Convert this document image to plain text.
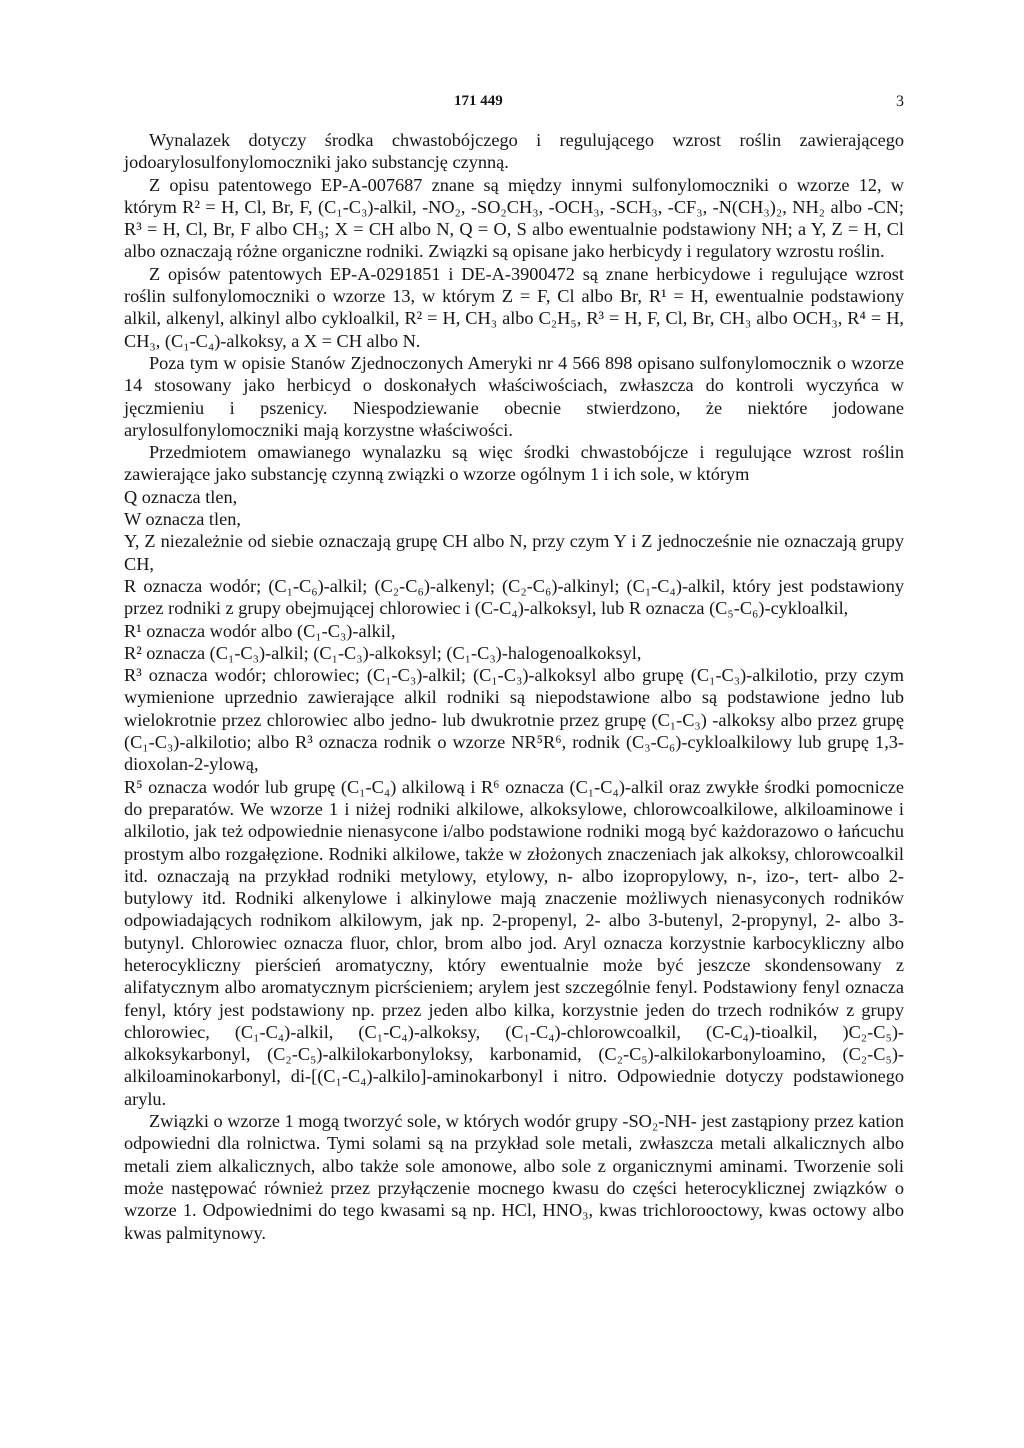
171 449	3

Wynalazek dotyczy środka chwastobójczego i regulującego wzrost roślin zawierającego jodoarylosulfonylomoczniki jako substancję czynną.

Z opisu patentowego EP-A-007687 znane są między innymi sulfonylomoczniki o wzorze 12, w którym R² = H, Cl, Br, F, (C₁-C₃)-alkil, -NO₂, -SO₂CH₃, -OCH₃, -SCH₃, -CF₃, -N(CH₃)₂, NH₂ albo -CN; R³ = H, Cl, Br, F albo CH₃; X = CH albo N, Q = O, S albo ewentualnie podstawiony NH; a Y, Z = H, Cl albo oznaczają różne organiczne rodniki. Związki są opisane jako herbicydy i regulatory wzrostu roślin.

Z opisów patentowych EP-A-0291851 i DE-A-3900472 są znane herbicydowe i regulujące wzrost roślin sulfonylomoczniki o wzorze 13, w którym Z = F, Cl albo Br, R¹ = H, ewentualnie podstawiony alkil, alkenyl, alkinyl albo cykloalkil, R² = H, CH₃ albo C₂H₅, R³ = H, F, Cl, Br, CH₃ albo OCH₃, R⁴ = H, CH₃, (C₁-C₄)-alkoksy, a X = CH albo N.

Poza tym w opisie Stanów Zjednoczonych Ameryki nr 4 566 898 opisano sulfonylomocznik o wzorze 14 stosowany jako herbicyd o doskonałych właściwościach, zwłaszcza do kontroli wyczyńca w jęczmieniu i pszenicy. Niespodziewanie obecnie stwierdzono, że niektóre jodowane arylosulfonylomoczniki mają korzystne właściwości.

Przedmiotem omawianego wynalazku są więc środki chwastobójcze i regulujące wzrost roślin zawierające jako substancję czynną związki o wzorze ogólnym 1 i ich sole, w którym

Q oznacza tlen,

W oznacza tlen,

Y, Z niezależnie od siebie oznaczają grupę CH albo N, przy czym Y i Z jednocześnie nie oznaczają grupy CH,

R oznacza wodór; (C₁-C₆)-alkil; (C₂-C₆)-alkenyl; (C₂-C₆)-alkinyl; (C₁-C₄)-alkil, który jest podstawiony przez rodniki z grupy obejmującej chlorowiec i (C-C₄)-alkoksyl, lub R oznacza (C₅-C₆)-cykloalkil,

R¹ oznacza wodór albo (C₁-C₃)-alkil,

R² oznacza (C₁-C₃)-alkil; (C₁-C₃)-alkoksyl; (C₁-C₃)-halogenoalkoksyl,

R³ oznacza wodór; chlorowiec; (C₁-C₃)-alkil; (C₁-C₃)-alkoksyl albo grupę (C₁-C₃)-alkilotio, przy czym wymienione uprzednio zawierające alkil rodniki są niepodstawione albo są podstawione jedno lub wielokrotnie przez chlorowiec albo jedno- lub dwukrotnie przez grupę (C₁-C₃) -alkoksy albo przez grupę (C₁-C₃)-alkilotio; albo R³ oznacza rodnik o wzorze NR⁵R⁶, rodnik (C₃-C₆)-cykloalkilowy lub grupę 1,3-dioxolan-2-ylową,

R⁵ oznacza wodór lub grupę (C₁-C₄) alkilową i R⁶ oznacza (C₁-C₄)-alkil oraz zwykłe środki pomocnicze do preparatów. We wzorze 1 i niżej rodniki alkilowe, alkoksylowe, chlorowcoalkilowe, alkiloaminowe i alkilotio, jak też odpowiednie nienasycone i/albo podstawione rodniki mogą być każdorazowo o łańcuchu prostym albo rozgałęzione. Rodniki alkilowe, także w złożonych znaczeniach jak alkoksy, chlorowcoalkil itd. oznaczają na przykład rodniki metylowy, etylowy, n- albo izopropylowy, n-, izo-, tert- albo 2-butylowy itd. Rodniki alkenylowe i alkinylowe mają znaczenie możliwych nienasyconych rodników odpowiadających rodnikom alkilowym, jak np. 2-propenyl, 2- albo 3-butenyl, 2-propynyl, 2- albo 3-butynyl. Chlorowiec oznacza fluor, chlor, brom albo jod. Aryl oznacza korzystnie karbocykliczny albo heterocykliczny pierścień aromatyczny, który ewentualnie może być jeszcze skondensowany z alifatycznym albo aromatycznym picrścieniem; arylem jest szczególnie fenyl. Podstawiony fenyl oznacza fenyl, który jest podstawiony np. przez jeden albo kilka, korzystnie jeden do trzech rodników z grupy chlorowiec, (C₁-C₄)-alkil, (C₁-C₄)-alkoksy, (C₁-C₄)-chlorowcoalkil, (C-C₄)-tioalkil, )C₂-C₅)-alkoksykarbonyl, (C₂-C₅)-alkilokarbonyloksy, karbonamid, (C₂-C₅)-alkilokarbonyloamino, (C₂-C₅)-alkiloaminokarbonyl, di-[(C₁-C₄)-alkilo]-aminokarbonyl i nitro. Odpowiednie dotyczy podstawionego arylu.

Związki o wzorze 1 mogą tworzyć sole, w których wodór grupy -SO₂-NH- jest zastąpiony przez kation odpowiedni dla rolnictwa. Tymi solami są na przykład sole metali, zwłaszcza metali alkalicznych albo metali ziem alkalicznych, albo także sole amonowe, albo sole z organicznymi aminami. Tworzenie soli może następować również przez przyłączenie mocnego kwasu do części heterocyklicznej związków o wzorze 1. Odpowiednimi do tego kwasami są np. HCl, HNO₃, kwas trichlorooctowy, kwas octowy albo kwas palmitynowy.
